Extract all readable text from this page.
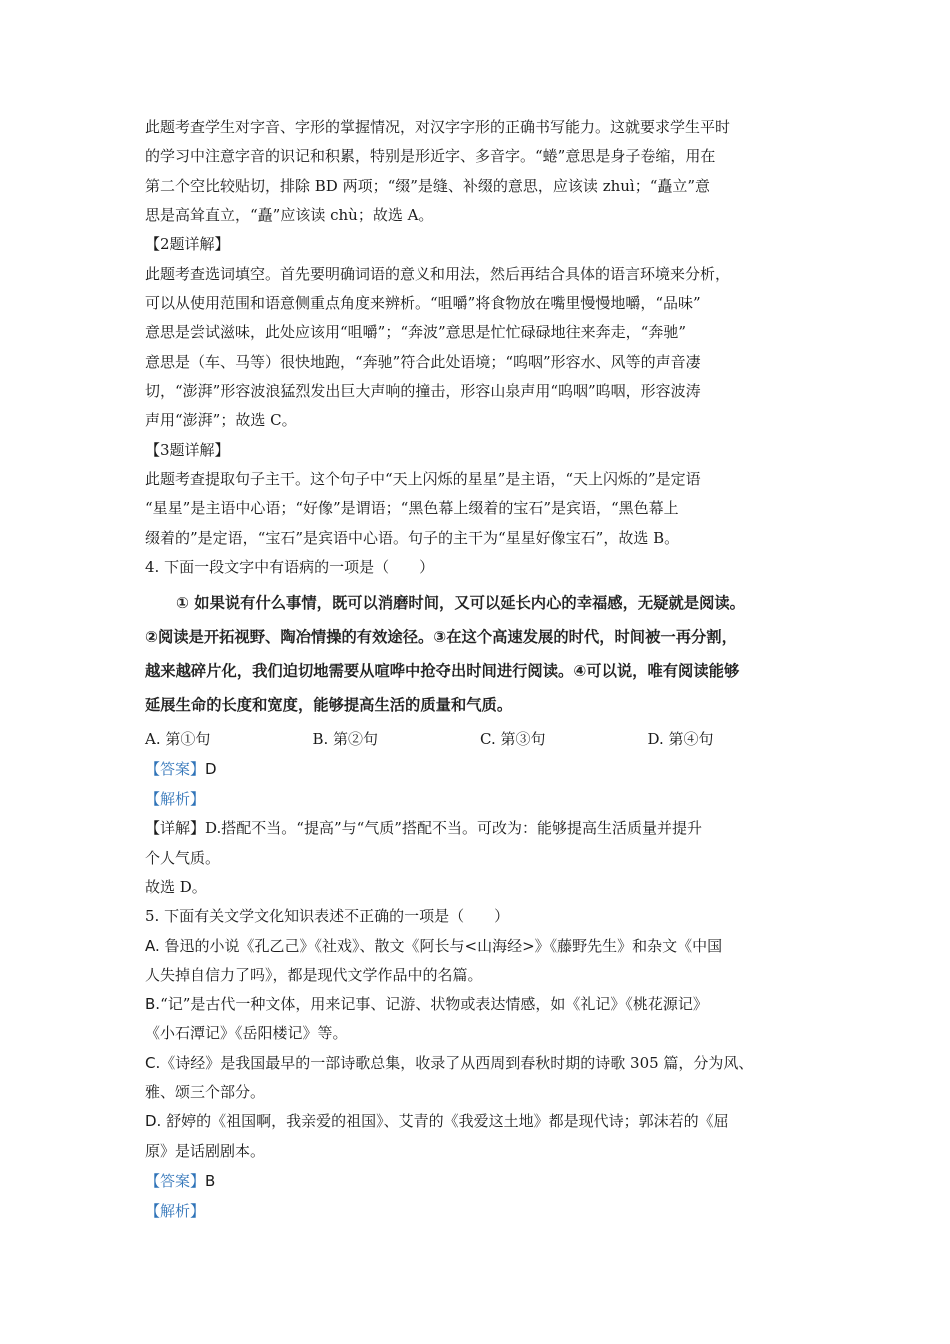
此题考查学生对字音、字形的掌握情况，对汉字字形的正确书写能力。这就要求学生平时

的学习中注意字音的识记和积累，特别是形近字、多音字。“蜷”意思是身子卷缩，用在

第二个空比较贴切，排除 BD 两项；“缀”是缝、补缀的意思，应该读 zhuì；“矗立”意

思是高耸直立，“矗”应该读 chù；故选 A。

【2题详解】

此题考查选词填空。首先要明确词语的意义和用法，然后再结合具体的语言环境来分析，

可以从使用范围和语意侧重点角度来辨析。“咀嚼”将食物放在嘴里慢慢地嚼，“品味”

意思是尝试滋味，此处应该用“咀嚼”；“奔波”意思是忙忙碌碌地往来奔走，“奔驰”

意思是（车、马等）很快地跑，“奔驰”符合此处语境；“呜咽”形容水、风等的声音凄

切，“澎湃”形容波浪猛烈发出巨大声响的撞击，形容山泉声用“呜咽”呜咽，形容波涛

声用“澎湃”；故选 C。

【3题详解】

此题考查提取句子主干。这个句子中“天上闪烁的星星”是主语，“天上闪烁的”是定语

“星星”是主语中心语；“好像”是谓语；“黑色幕上缀着的宝石”是宾语，“黑色幕上

缀着的”是定语，“宝石”是宾语中心语。句子的主干为“星星好像宝石”，故选 B。

4. 下面一段文字中有语病的一项是（　　）

① 如果说有什么事情，既可以消磨时间，又可以延长内心的幸福感，无疑就是阅读。
②阅读是开拓视野、陶冶情操的有效途径。③在这个高速发展的时代，时间被一再分割，
越来越碎片化，我们迫切地需要从喧哗中抢夺出时间进行阅读。④可以说，唯有阅读能够
延展生命的长度和宽度，能够提高生活的质量和气质。
A. 第①句	B. 第②句	C. 第③句	D. 第④句

【答案】D

【解析】

【详解】D.搭配不当。“提高”与“气质”搭配不当。可改为：能够提高生活质量并提升

个人气质。

故选 D。

5. 下面有关文学文化知识表述不正确的一项是（　　）

A. 鲁迅的小说《孔乙己》《社戏》、散文《阿长与<山海经>》《藤野先生》和杂文《中国

人失掉自信力了吗》，都是现代文学作品中的名篇。

B.“记”是古代一种文体，用来记事、记游、状物或表达情感，如《礼记》《桃花源记》

《小石潭记》《岳阳楼记》等。

C.《诗经》是我国最早的一部诗歌总集，收录了从西周到春秋时期的诗歌 305 篇，分为风、

雅、颂三个部分。

D. 舒婷的《祖国啊，我亲爱的祖国》、艾青的《我爱这土地》都是现代诗；郭沫若的《屈

原》是话剧剧本。

【答案】B

【解析】
